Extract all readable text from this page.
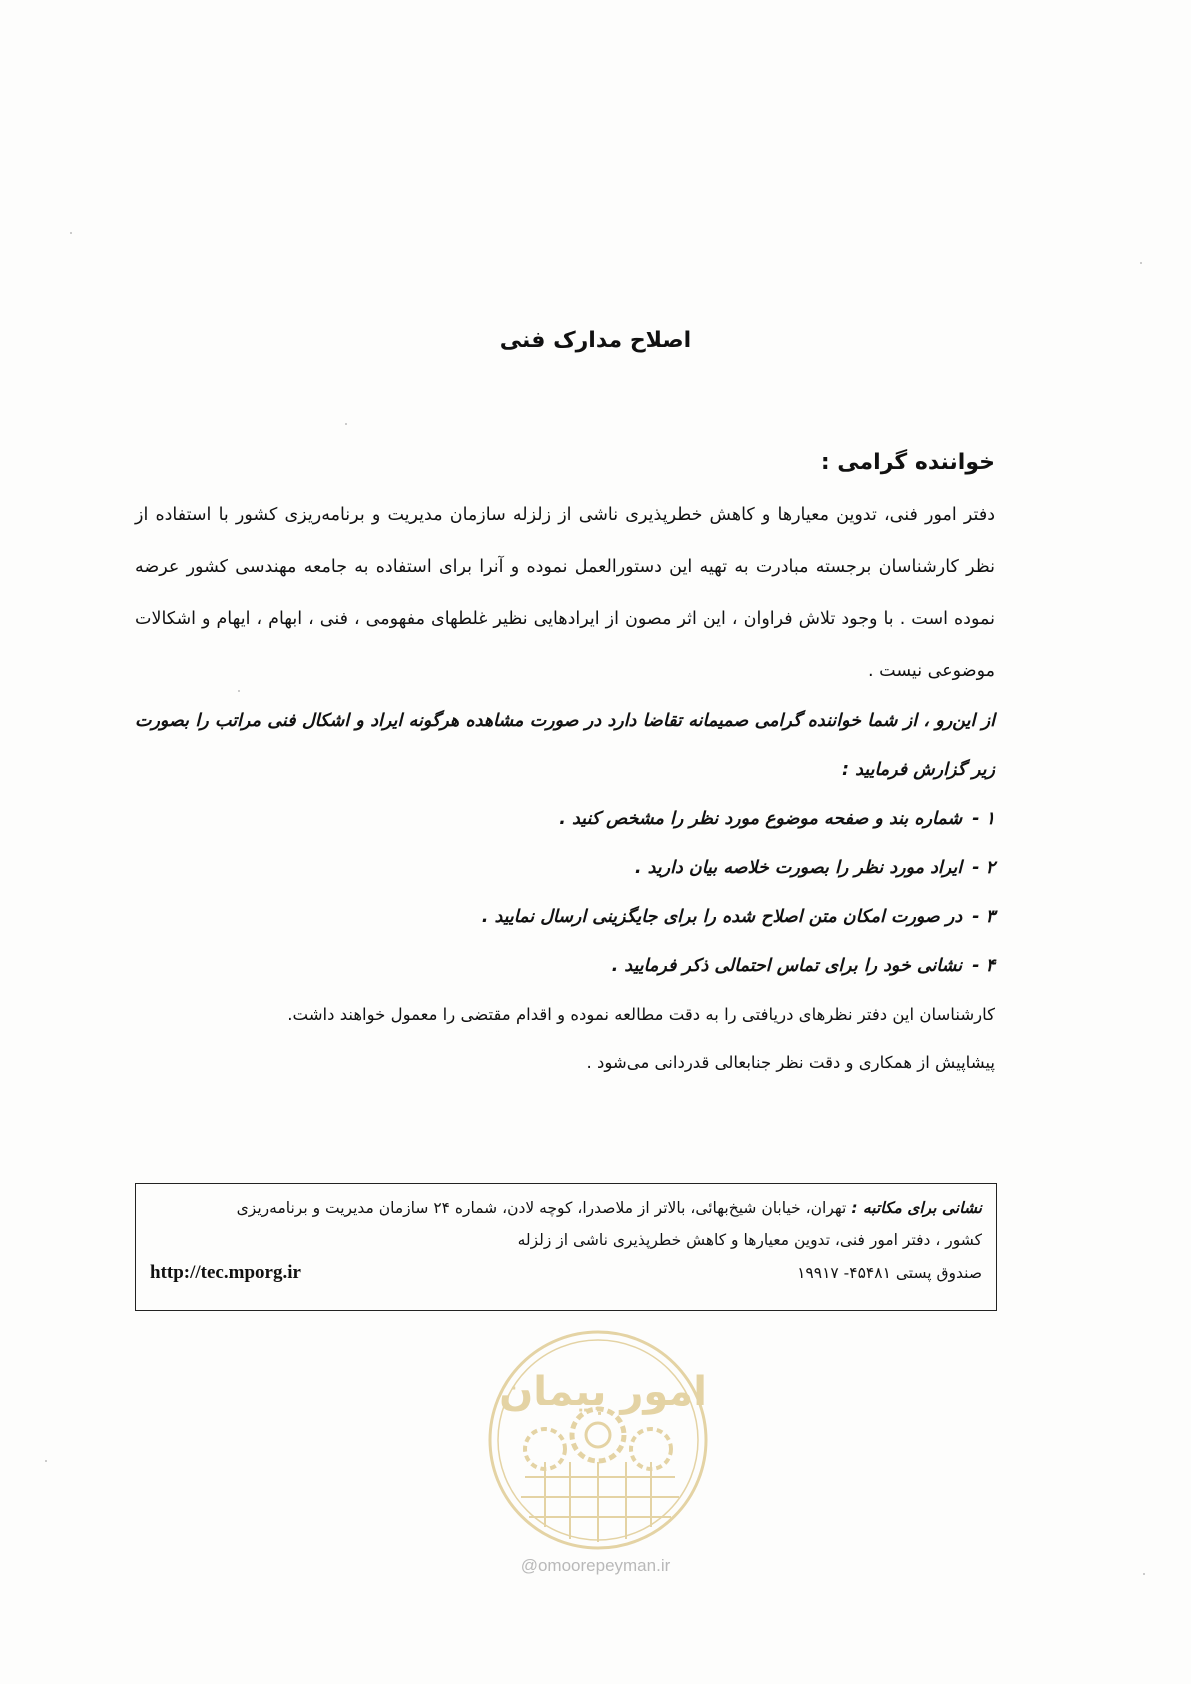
اصلاح مدارک فنی

خواننده گرامی :

دفتر امور فنی، تدوین معیارها و کاهش خطرپذیری ناشی از زلزله سازمان مدیریت و برنامه‌ریزی کشور با استفاده از نظر کارشناسان برجسته مبادرت به تهیه این دستورالعمل نموده و آنرا برای استفاده به جامعه مهندسی کشور عرضه نموده است . با وجود تلاش فراوان ، این اثر مصون از ایرادهایی نظیر غلطهای مفهومی ، فنی ، ابهام ، ایهام و اشکالات موضوعی نیست .

از این‌رو ، از شما خواننده گرامی صمیمانه تقاضا دارد در صورت مشاهده هرگونه ایراد و اشکال فنی مراتب را بصورت زیر گزارش فرمایید :

۱ - شماره بند و صفحه موضوع مورد نظر را مشخص کنید .
۲ - ایراد مورد نظر را بصورت خلاصه بیان دارید .
۳ - در صورت امکان متن اصلاح شده را برای جایگزینی ارسال نمایید .
۴ - نشانی خود را برای تماس احتمالی ذکر فرمایید .

کارشناسان این دفتر نظرهای دریافتی را به دقت مطالعه نموده و اقدام مقتضی را معمول خواهند داشت.

پیشاپیش از همکاری و دقت نظر جنابعالی قدردانی می‌شود .

نشانی برای مکاتبه : تهران، خیابان شیخ‌بهائی، بالاتر از ملاصدرا، کوچه لادن، شماره ۲۴ سازمان مدیریت و برنامه‌ریزی
کشور ، دفتر امور فنی، تدوین معیارها و کاهش خطرپذیری ناشی از زلزله
صندوق پستی ۴۵۴۸۱- ۱۹۹۱۷
http://tec.mporg.ir
امور پیمان
@omoorepeyman.ir
